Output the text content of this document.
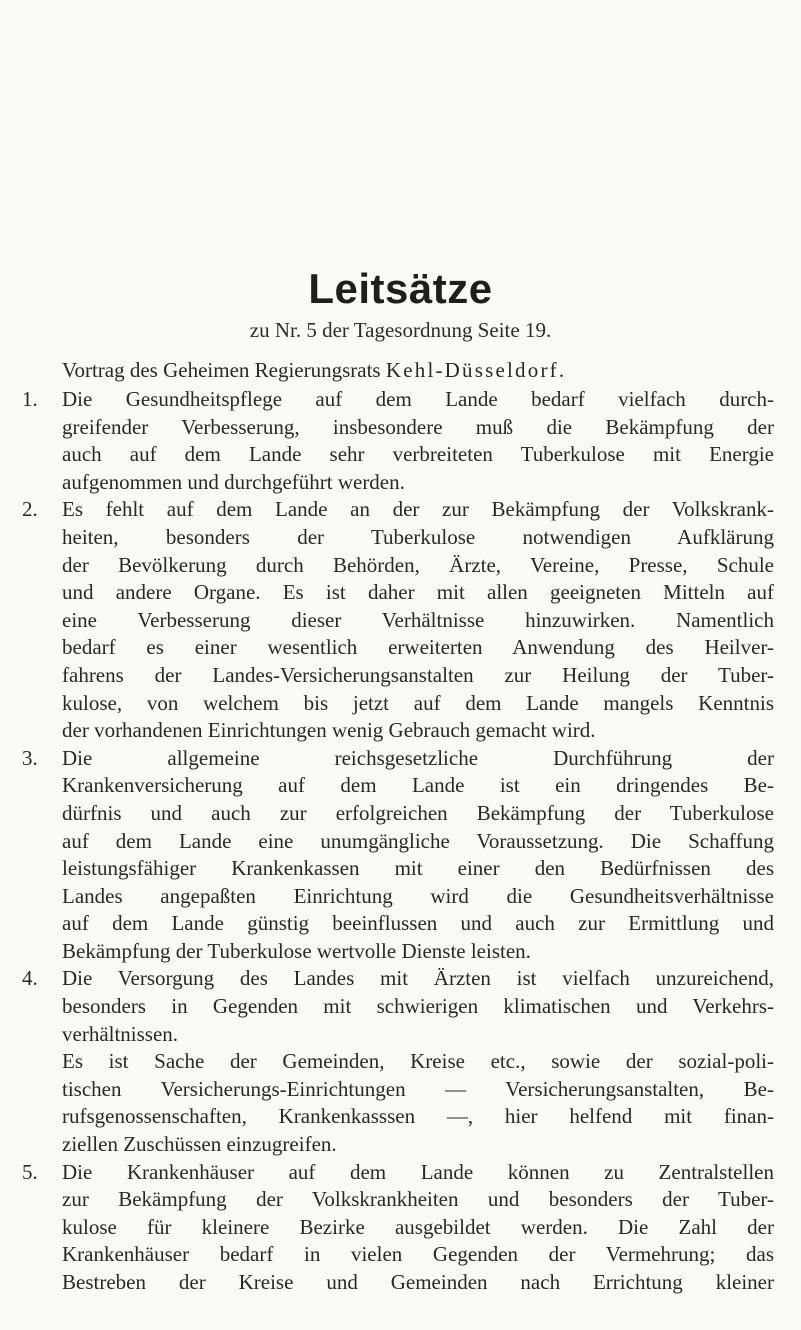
Leitsätze
zu Nr. 5 der Tagesordnung Seite 19.
Vortrag des Geheimen Regierungsrats Kehl-Düsseldorf.
1. Die Gesundheitspflege auf dem Lande bedarf vielfach durch-
greifender Verbesserung, insbesondere muß die Bekämpfung der
auch auf dem Lande sehr verbreiteten Tuberkulose mit Energie
aufgenommen und durchgeführt werden.
2. Es fehlt auf dem Lande an der zur Bekämpfung der Volkskrank-
heiten, besonders der Tuberkulose notwendigen Aufklärung
der Bevölkerung durch Behörden, Ärzte, Vereine, Presse, Schule
und andere Organe. Es ist daher mit allen geeigneten Mitteln auf
eine Verbesserung dieser Verhältnisse hinzuwirken. Namentlich
bedarf es einer wesentlich erweiterten Anwendung des Heilver-
fahrens der Landes-Versicherungsanstalten zur Heilung der Tuber-
kulose, von welchem bis jetzt auf dem Lande mangels Kenntnis
der vorhandenen Einrichtungen wenig Gebrauch gemacht wird.
3. Die allgemeine reichsgesetzliche Durchführung der
Krankenversicherung auf dem Lande ist ein dringendes Be-
dürfnis und auch zur erfolgreichen Bekämpfung der Tuberkulose
auf dem Lande eine unumgängliche Voraussetzung. Die Schaffung
leistungsfähiger Krankenkassen mit einer den Bedürfnissen des
Landes angepaßten Einrichtung wird die Gesundheitsverhältnisse
auf dem Lande günstig beeinflussen und auch zur Ermittlung und
Bekämpfung der Tuberkulose wertvolle Dienste leisten.
4. Die Versorgung des Landes mit Ärzten ist vielfach unzureichend,
besonders in Gegenden mit schwierigen klimatischen und Verkehrs-
verhältnissen.
Es ist Sache der Gemeinden, Kreise etc., sowie der sozial-poli-
tischen Versicherungs-Einrichtungen — Versicherungsanstalten, Be-
rufsgenossenschaften, Krankenkasssen —, hier helfend mit finan-
ziellen Zuschüssen einzugreifen.
5. Die Krankenhäuser auf dem Lande können zu Zentralstellen
zur Bekämpfung der Volkskrankheiten und besonders der Tuber-
kulose für kleinere Bezirke ausgebildet werden. Die Zahl der
Krankenhäuser bedarf in vielen Gegenden der Vermehrung; das
Bestreben der Kreise und Gemeinden nach Errichtung kleiner
